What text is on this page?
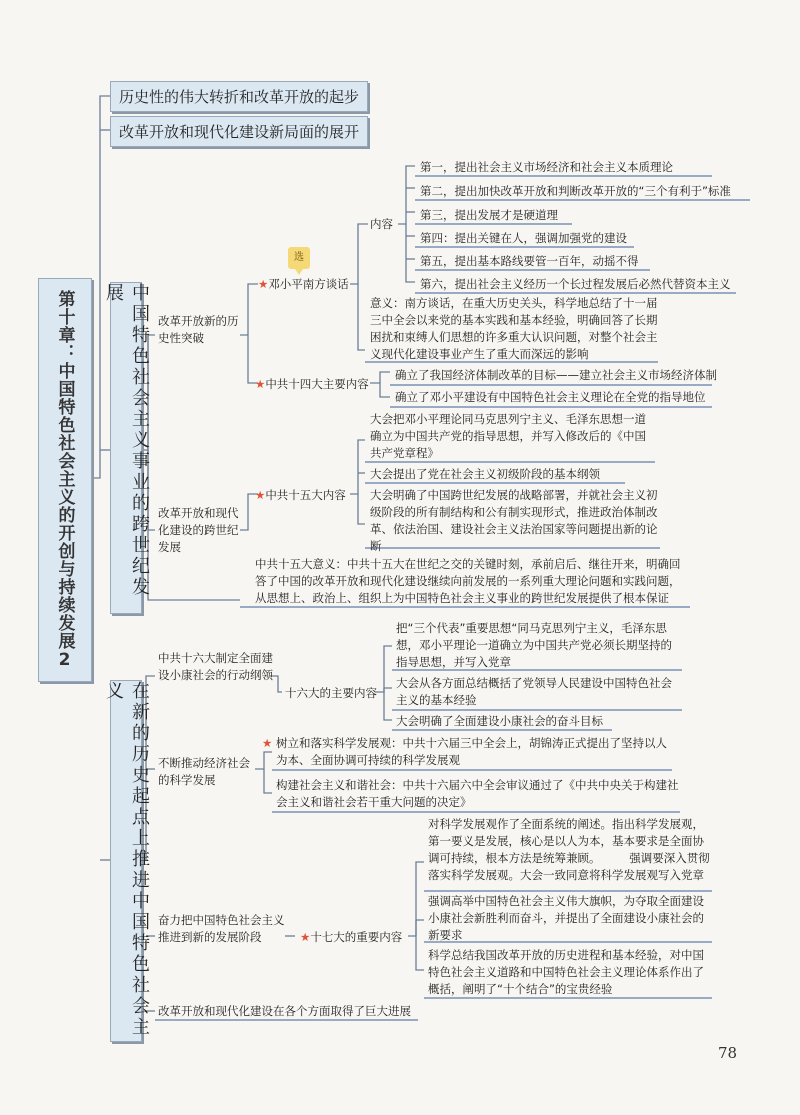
第十章：中国特色社会主义的开创与持续发展2
历史性的伟大转折和改革开放的起步
改革开放和现代化建设新局面的展开
中国特色社会主义事业的跨世纪发展
改革开放新的历史性突破
选
★邓小平南方谈话
内容
第一，提出社会主义市场经济和社会主义本质理论
第二，提出加快改革开放和判断改革开放的“三个有利于”标准
第三，提出发展才是硬道理
第四：提出关键在人，强调加强党的建设
第五，提出基本路线要管一百年，动摇不得
第六，提出社会主义经历一个长过程发展后必然代替资本主义
意义：南方谈话，在重大历史关头，科学地总结了十一届三中全会以来党的基本实践和基本经验，明确回答了长期困扰和束缚人们思想的许多重大认识问题，对整个社会主义现代化建设事业产生了重大而深远的影响
★中共十四大主要内容
确立了我国经济体制改革的目标——建立社会主义市场经济体制
确立了邓小平建设有中国特色社会主义理论在全党的指导地位
改革开放和现代化建设的跨世纪发展
★中共十五大内容
大会把邓小平理论同马克思列宁主义、毛泽东思想一道确立为中国共产党的指导思想，并写入修改后的《中国共产党章程》
大会提出了党在社会主义初级阶段的基本纲领
大会明确了中国跨世纪发展的战略部署，并就社会主义初级阶段的所有制结构和公有制实现形式，推进政治体制改革、依法治国、建设社会主义法治国家等问题提出新的论断
中共十五大意义：中共十五大在世纪之交的关键时刻，承前启后、继往开来，明确回答了中国的改革开放和现代化建设继续向前发展的一系列重大理论问题和实践问题，从思想上、政治上、组织上为中国特色社会主义事业的跨世纪发展提供了根本保证
在新的历史起点上推进中国特色社会主义
中共十六大制定全面建设小康社会的行动纲领
十六大的主要内容
把“三个代表”重要思想“同马克思列宁主义，毛泽东思想，邓小平理论一道确立为中国共产党必须长期坚持的指导思想，并写入党章
大会从各方面总结概括了党领导人民建设中国特色社会主义的基本经验
大会明确了全面建设小康社会的奋斗目标
不断推动经济社会的科学发展
★ 树立和落实科学发展观：中共十六届三中全会上，胡锦涛正式提出了坚持以人为本、全面协调可持续的科学发展观
构建社会主义和谐社会：中共十六届六中全会审议通过了《中共中央关于构建社会主义和谐社会若干重大问题的决定》
奋力把中国特色社会主义推进到新的发展阶段	★十七大的重要内容
对科学发展观作了全面系统的阐述。指出科学发展观，第一要义是发展，核心是以人为本，基本要求是全面协调可持续，根本方法是统筹兼顾。　　　强调要深入贯彻落实科学发展观。大会一致同意将科学发展观写入党章
强调高举中国特色社会主义伟大旗帜，为夺取全面建设小康社会新胜利而奋斗，并提出了全面建设小康社会的新要求
科学总结我国改革开放的历史进程和基本经验，对中国特色社会主义道路和中国特色社会主义理论体系作出了概括，阐明了“十个结合”的宝贵经验
改革开放和现代化建设在各个方面取得了巨大进展
78
